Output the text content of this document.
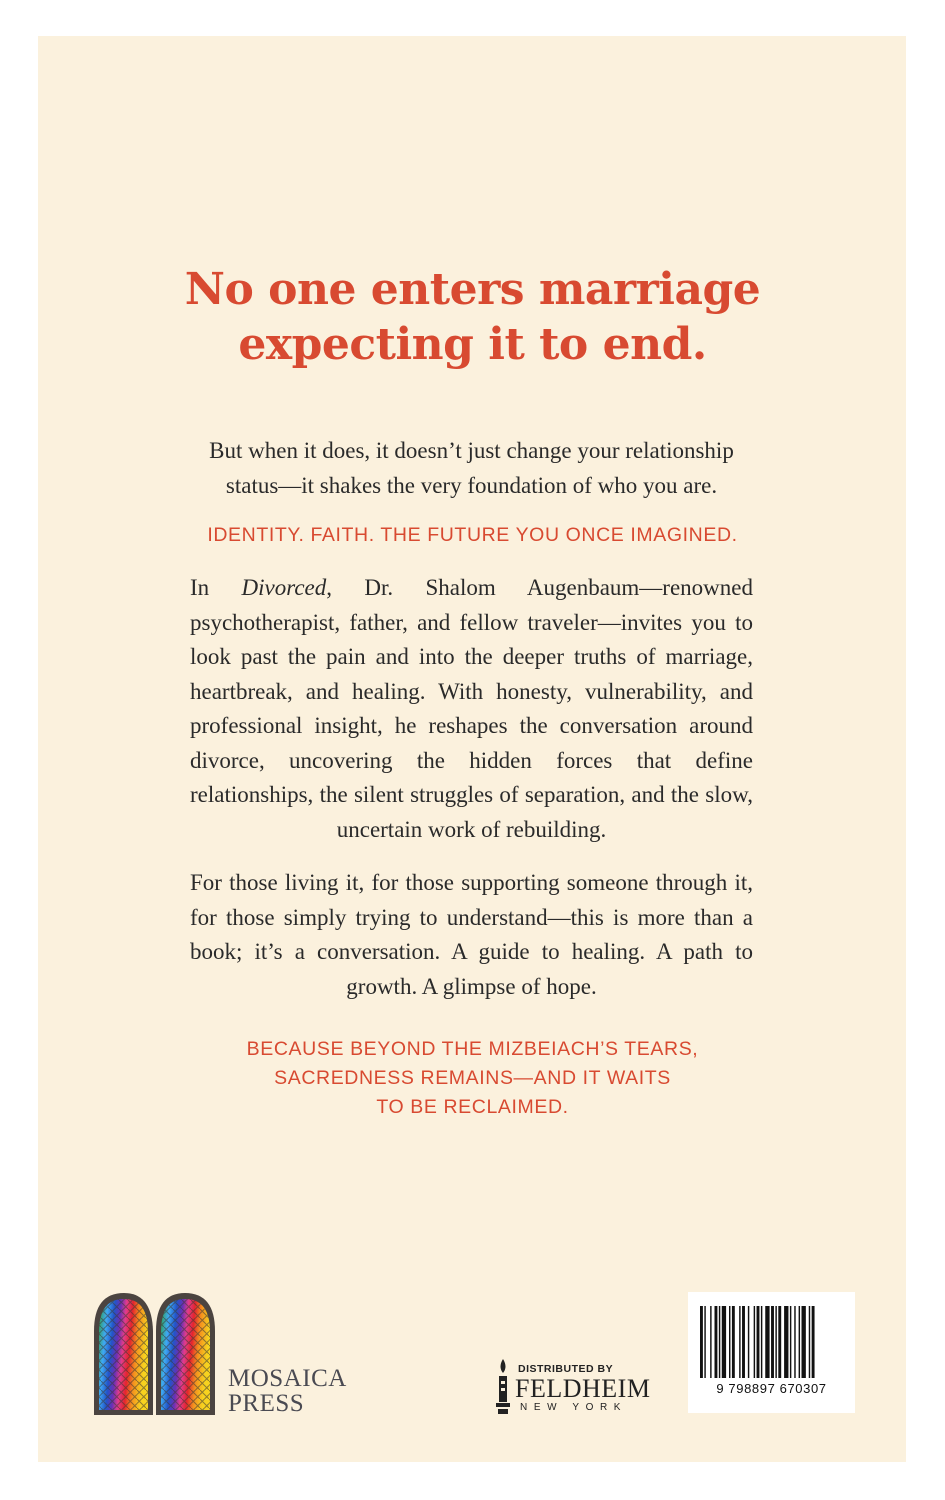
No one enters marriage
expecting it to end.
But when it does, it doesn’t just change your relationship
status—it shakes the very foundation of who you are.
IDENTITY. FAITH. THE FUTURE YOU ONCE IMAGINED.
In Divorced, Dr. Shalom Augenbaum—renowned psychotherapist, father, and fellow traveler—invites you to look past the pain and into the deeper truths of marriage, heartbreak, and healing. With honesty, vulnerability, and professional insight, he reshapes the conversation around divorce, uncovering the hidden forces that define relationships, the silent struggles of separation, and the slow, uncertain work of rebuilding.
For those living it, for those supporting someone through it, for those simply trying to understand—this is more than a book; it’s a conversation. A guide to healing. A path to growth. A glimpse of hope.
BECAUSE BEYOND THE MIZBEIACH’S TEARS,
SACREDNESS REMAINS—AND IT WAITS
TO BE RECLAIMED.
MOSAICA
PRESS
DISTRIBUTED BY
FELDHEIM
NEW YORK
9 798897 670307
